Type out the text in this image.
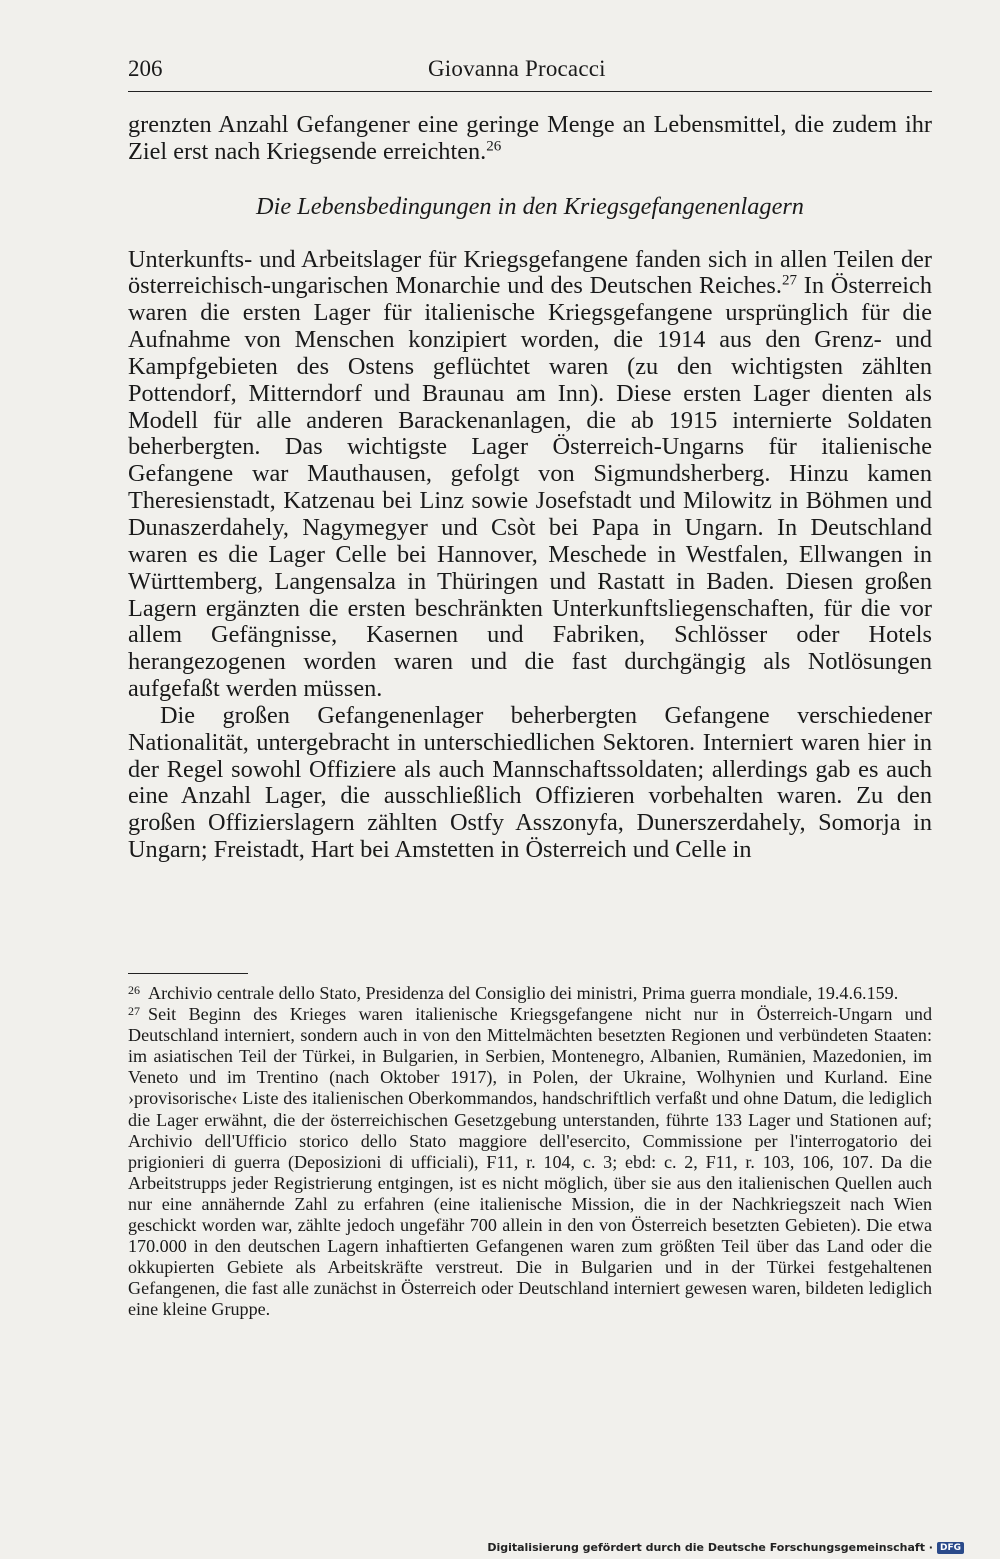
206	Giovanna Procacci

grenzten Anzahl Gefangener eine geringe Menge an Lebensmittel, die zudem ihr Ziel erst nach Kriegsende erreichten.$^{26}$

Die Lebensbedingungen in den Kriegsgefangenenlagern

Unterkunfts- und Arbeitslager für Kriegsgefangene fanden sich in allen Teilen der österreichisch-ungarischen Monarchie und des Deutschen Reiches.$^{27}$ In Österreich waren die ersten Lager für italienische Kriegsgefangene ursprünglich für die Aufnahme von Menschen konzipiert worden, die 1914 aus den Grenz- und Kampfgebieten des Ostens geflüchtet waren (zu den wichtigsten zählten Pottendorf, Mitterndorf und Braunau am Inn). Diese ersten Lager dienten als Modell für alle anderen Barackenanlagen, die ab 1915 internierte Soldaten beherbergten. Das wichtigste Lager Österreich-Ungarns für italienische Gefangene war Mauthausen, gefolgt von Sigmundsherberg. Hinzu kamen Theresienstadt, Katzenau bei Linz sowie Josefstadt und Milowitz in Böhmen und Dunaszerdahely, Nagymegyer und Csòt bei Papa in Ungarn. In Deutschland waren es die Lager Celle bei Hannover, Meschede in Westfalen, Ellwangen in Württemberg, Langensalza in Thüringen und Rastatt in Baden. Diesen großen Lagern ergänzten die ersten beschränkten Unterkunftsliegenschaften, für die vor allem Gefängnisse, Kasernen und Fabriken, Schlösser oder Hotels herangezogenen worden waren und die fast durchgängig als Notlösungen aufgefaßt werden müssen.

Die großen Gefangenenlager beherbergten Gefangene verschiedener Nationalität, untergebracht in unterschiedlichen Sektoren. Interniert waren hier in der Regel sowohl Offiziere als auch Mannschaftssoldaten; allerdings gab es auch eine Anzahl Lager, die ausschließlich Offizieren vorbehalten waren. Zu den großen Offizierslagern zählten Ostfy Asszonyfa, Dunerszerdahely, Somorja in Ungarn; Freistadt, Hart bei Amstetten in Österreich und Celle in

26 Archivio centrale dello Stato, Presidenza del Consiglio dei ministri, Prima guerra mondiale, 19.4.6.159.

27 Seit Beginn des Krieges waren italienische Kriegsgefangene nicht nur in Österreich-Ungarn und Deutschland interniert, sondern auch in von den Mittelmächten besetzten Regionen und verbündeten Staaten: im asiatischen Teil der Türkei, in Bulgarien, in Serbien, Montenegro, Albanien, Rumänien, Mazedonien, im Veneto und im Trentino (nach Oktober 1917), in Polen, der Ukraine, Wolhynien und Kurland. Eine ›provisorische‹ Liste des italienischen Oberkommandos, handschriftlich verfaßt und ohne Datum, die lediglich die Lager erwähnt, die der österreichischen Gesetzgebung unterstanden, führte 133 Lager und Stationen auf; Archivio dell'Ufficio storico dello Stato maggiore dell'esercito, Commissione per l'interrogatorio dei prigionieri di guerra (Deposizioni di ufficiali), F11, r. 104, c. 3; ebd: c. 2, F11, r. 103, 106, 107. Da die Arbeitstrupps jeder Registrierung entgingen, ist es nicht möglich, über sie aus den italienischen Quellen auch nur eine annähernde Zahl zu erfahren (eine italienische Mission, die in der Nachkriegszeit nach Wien geschickt worden war, zählte jedoch ungefähr 700 allein in den von Österreich besetzten Gebieten). Die etwa 170.000 in den deutschen Lagern inhaftierten Gefangenen waren zum größten Teil über das Land oder die okkupierten Gebiete als Arbeitskräfte verstreut. Die in Bulgarien und in der Türkei festgehaltenen Gefangenen, die fast alle zunächst in Österreich oder Deutschland interniert gewesen waren, bildeten lediglich eine kleine Gruppe.

Digitalisierung gefördert durch die Deutsche Forschungsgemeinschaft · DFG
